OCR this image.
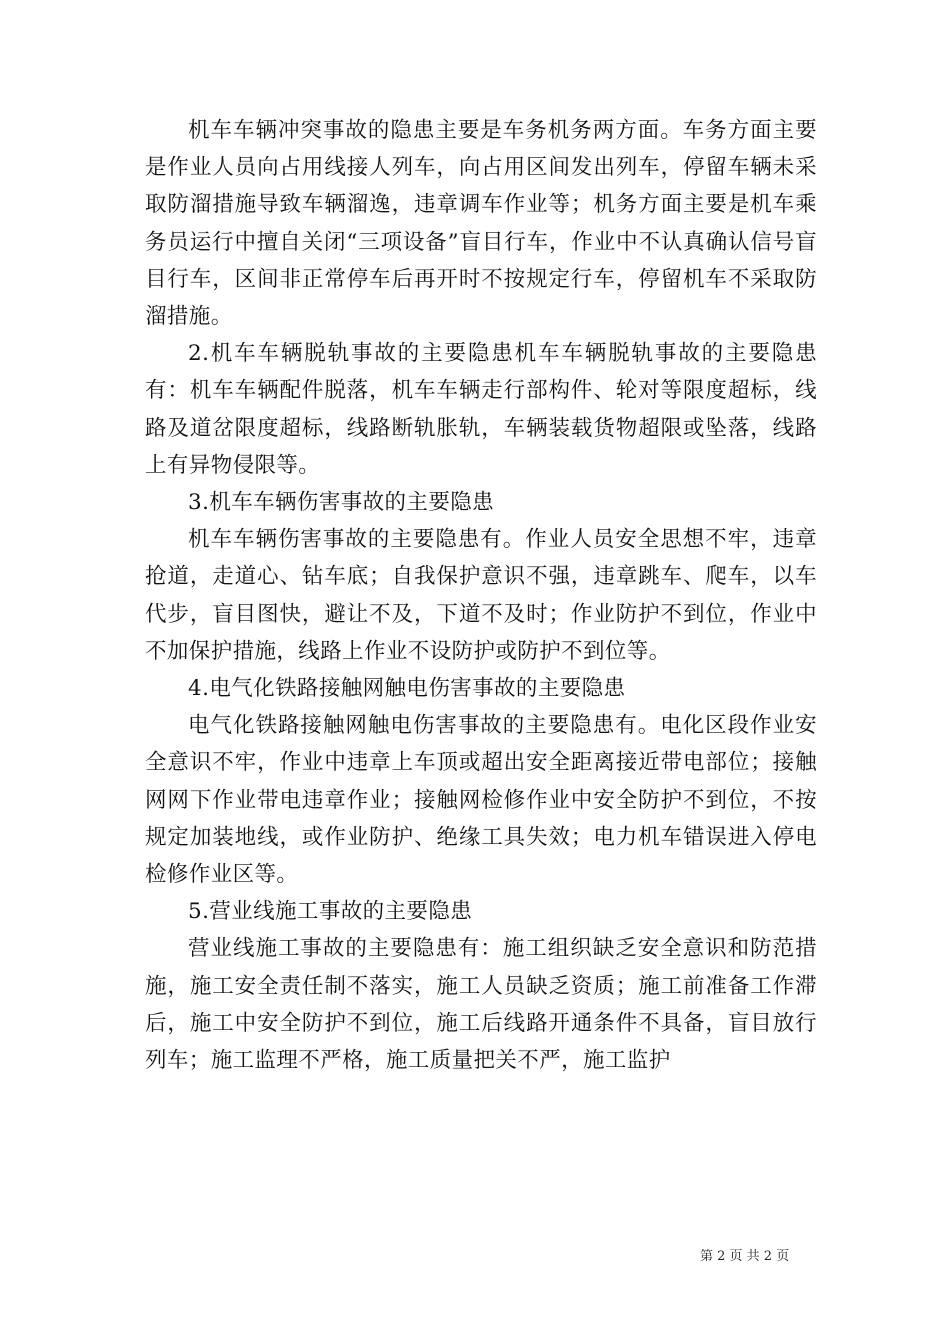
机车车辆冲突事故的隐患主要是车务机务两方面。车务方面主要是作业人员向占用线接人列车，向占用区间发出列车，停留车辆未采取防溜措施导致车辆溜逸，违章调车作业等；机务方面主要是机车乘务员运行中擅自关闭“三项设备”盲目行车，作业中不认真确认信号盲目行车，区间非正常停车后再开时不按规定行车，停留机车不采取防溜措施。

2.机车车辆脱轨事故的主要隐患机车车辆脱轨事故的主要隐患有：机车车辆配件脱落，机车车辆走行部构件、轮对等限度超标，线路及道岔限度超标，线路断轨胀轨，车辆装载货物超限或坠落，线路上有异物侵限等。

3.机车车辆伤害事故的主要隐患

机车车辆伤害事故的主要隐患有。作业人员安全思想不牢，违章抢道，走道心、钻车底；自我保护意识不强，违章跳车、爬车，以车代步，盲目图快，避让不及，下道不及时；作业防护不到位，作业中不加保护措施，线路上作业不设防护或防护不到位等。

4.电气化铁路接触网触电伤害事故的主要隐患

电气化铁路接触网触电伤害事故的主要隐患有。电化区段作业安全意识不牢，作业中违章上车顶或超出安全距离接近带电部位；接触网网下作业带电违章作业；接触网检修作业中安全防护不到位，不按规定加装地线，或作业防护、绝缘工具失效；电力机车错误进入停电检修作业区等。

5.营业线施工事故的主要隐患

营业线施工事故的主要隐患有：施工组织缺乏安全意识和防范措施，施工安全责任制不落实，施工人员缺乏资质；施工前准备工作滞后，施工中安全防护不到位，施工后线路开通条件不具备，盲目放行列车；施工监理不严格，施工质量把关不严，施工监护

第 2 页 共 2 页
